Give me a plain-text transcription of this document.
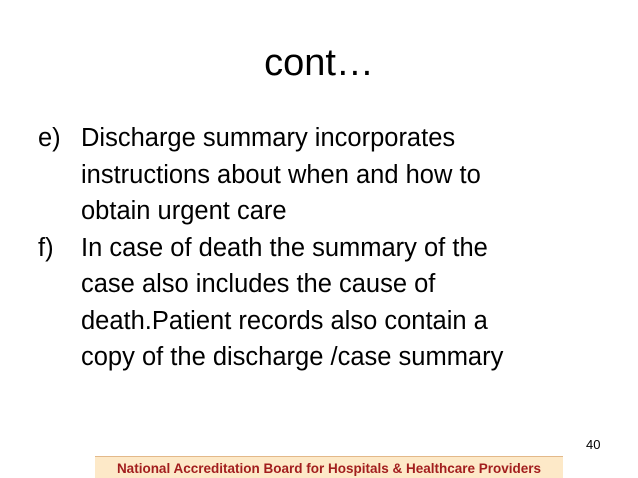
cont…
e) Discharge summary incorporates
instructions about when and how to
obtain urgent care
f)	In case of death the summary of the
case also includes the cause of
death.Patient records also contain a
copy of the discharge /case summary
40
National Accreditation Board for Hospitals & Healthcare Providers
